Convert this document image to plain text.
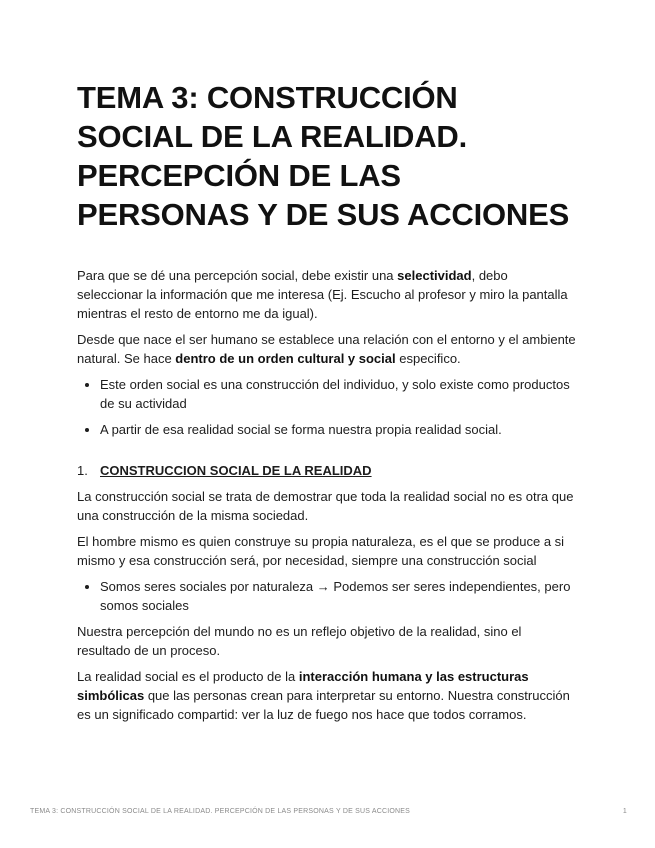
TEMA 3: CONSTRUCCIÓN SOCIAL DE LA REALIDAD. PERCEPCIÓN DE LAS PERSONAS Y DE SUS ACCIONES

Para que se dé una percepción social, debe existir una selectividad, debo seleccionar la información que me interesa (Ej. Escucho al profesor y miro la pantalla mientras el resto de entorno me da igual).

Desde que nace el ser humano se establece una relación con el entorno y el ambiente natural. Se hace dentro de un orden cultural y social especifico.

• Este orden social es una construcción del individuo, y solo existe como productos de su actividad
• A partir de esa realidad social se forma nuestra propia realidad social.
1. CONSTRUCCION SOCIAL DE LA REALIDAD

La construcción social se trata de demostrar que toda la realidad social no es otra que una construcción de la misma sociedad.

El hombre mismo es quien construye su propia naturaleza, es el que se produce a si mismo y esa construcción será, por necesidad, siempre una construcción social

• Somos seres sociales por naturaleza → Podemos ser seres independientes, pero somos sociales

Nuestra percepción del mundo no es un reflejo objetivo de la realidad, sino el resultado de un proceso.

La realidad social es el producto de la interacción humana y las estructuras simbólicas que las personas crean para interpretar su entorno. Nuestra construcción es un significado compartid: ver la luz de fuego nos hace que todos corramos.

TEMA 3: CONSTRUCCIÓN SOCIAL DE LA REALIDAD. PERCEPCIÓN DE LAS PERSONAS Y DE SUS ACCIONES	1
